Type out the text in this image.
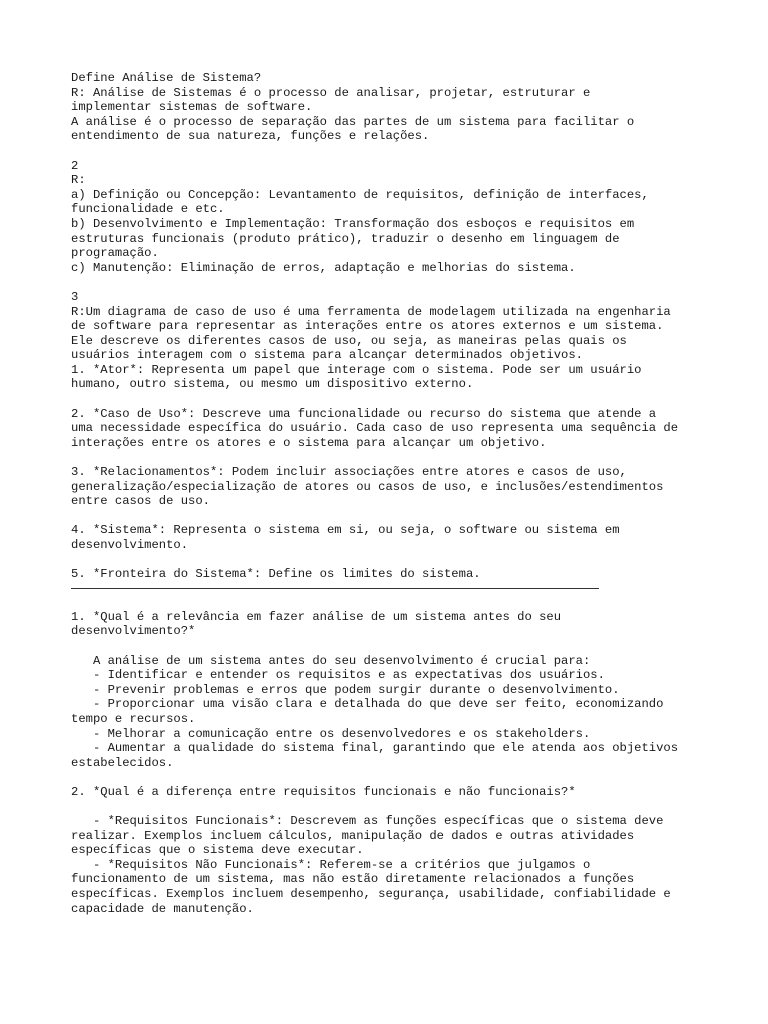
Define Análise de Sistema?
R: Análise de Sistemas é o processo de analisar, projetar, estruturar e
implementar sistemas de software.
A análise é o processo de separação das partes de um sistema para facilitar o
entendimento de sua natureza, funções e relações.
2
R:
a) Definição ou Concepção: Levantamento de requisitos, definição de interfaces,
funcionalidade e etc.
b) Desenvolvimento e Implementação: Transformação dos esboços e requisitos em
estruturas funcionais (produto prático), traduzir o desenho em linguagem de
programação.
c) Manutenção: Eliminação de erros, adaptação e melhorias do sistema.
3
R:Um diagrama de caso de uso é uma ferramenta de modelagem utilizada na engenharia
de software para representar as interações entre os atores externos e um sistema.
Ele descreve os diferentes casos de uso, ou seja, as maneiras pelas quais os
usuários interagem com o sistema para alcançar determinados objetivos.
1. *Ator*: Representa um papel que interage com o sistema. Pode ser um usuário
humano, outro sistema, ou mesmo um dispositivo externo.
2. *Caso de Uso*: Descreve uma funcionalidade ou recurso do sistema que atende a
uma necessidade específica do usuário. Cada caso de uso representa uma sequência de
interações entre os atores e o sistema para alcançar um objetivo.
3. *Relacionamentos*: Podem incluir associações entre atores e casos de uso,
generalização/especialização de atores ou casos de uso, e inclusões/estendimentos
entre casos de uso.
4. *Sistema*: Representa o sistema em si, ou seja, o software ou sistema em
desenvolvimento.
5. *Fronteira do Sistema*: Define os limites do sistema.
1. *Qual é a relevância em fazer análise de um sistema antes do seu
desenvolvimento?*
A análise de um sistema antes do seu desenvolvimento é crucial para:
- Identificar e entender os requisitos e as expectativas dos usuários.
- Prevenir problemas e erros que podem surgir durante o desenvolvimento.
- Proporcionar uma visão clara e detalhada do que deve ser feito, economizando
tempo e recursos.
- Melhorar a comunicação entre os desenvolvedores e os stakeholders.
- Aumentar a qualidade do sistema final, garantindo que ele atenda aos objetivos
estabelecidos.
2. *Qual é a diferença entre requisitos funcionais e não funcionais?*
- *Requisitos Funcionais*: Descrevem as funções específicas que o sistema deve
realizar. Exemplos incluem cálculos, manipulação de dados e outras atividades
específicas que o sistema deve executar.
- *Requisitos Não Funcionais*: Referem-se a critérios que julgamos o
funcionamento de um sistema, mas não estão diretamente relacionados a funções
específicas. Exemplos incluem desempenho, segurança, usabilidade, confiabilidade e
capacidade de manutenção.
